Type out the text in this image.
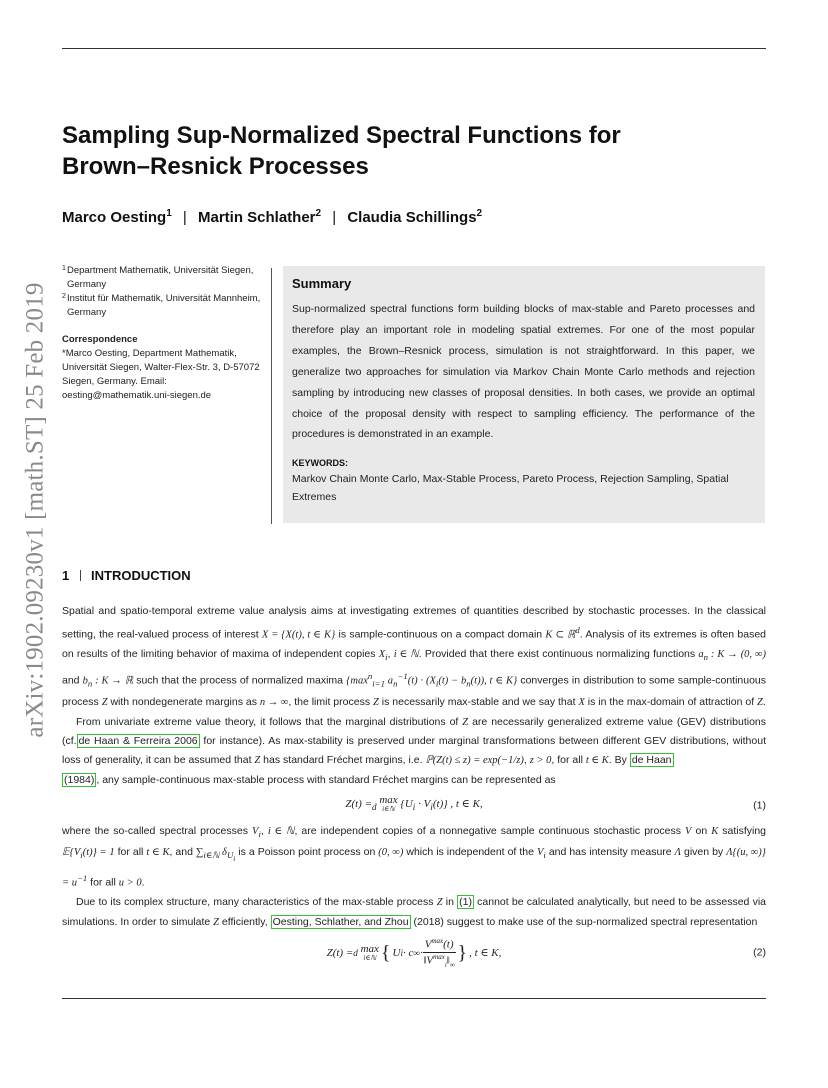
arXiv:1902.09230v1 [math.ST] 25 Feb 2019
Sampling Sup-Normalized Spectral Functions for Brown–Resnick Processes
Marco Oesting$^1$ | Martin Schlather$^2$ | Claudia Schillings$^2$
1 Department Mathematik, Universität Siegen, Germany
2 Institut für Mathematik, Universität Mannheim, Germany
Correspondence
*Marco Oesting, Department Mathematik, Universität Siegen, Walter-Flex-Str. 3, D-57072 Siegen, Germany. Email: oesting@mathematik.uni-siegen.de
Summary

Sup-normalized spectral functions form building blocks of max-stable and Pareto processes and therefore play an important role in modeling spatial extremes. For one of the most popular examples, the Brown–Resnick process, simulation is not straightforward. In this paper, we generalize two approaches for simulation via Markov Chain Monte Carlo methods and rejection sampling by introducing new classes of proposal densities. In both cases, we provide an optimal choice of the proposal density with respect to sampling efficiency. The performance of the procedures is demonstrated in an example.

KEYWORDS:

Markov Chain Monte Carlo, Max-Stable Process, Pareto Process, Rejection Sampling, Spatial Extremes

1 INTRODUCTION

Spatial and spatio-temporal extreme value analysis aims at investigating extremes of quantities described by stochastic processes. In the classical setting, the real-valued process of interest X = {X(t), t ∈ K} is sample-continuous on a compact domain K ⊂ ℝ$^d$. Analysis of its extremes is often based on results of the limiting behavior of maxima of independent copies $X_i$, i ∈ ℕ. Provided that there exist continuous normalizing functions $a_n$ : K → (0, ∞) and $b_n$ : K → ℝ such that the process of normalized maxima {$\max^n_{i=1}$ $a_n^{-1}(t) \cdot (X_i(t) - b_n(t))$, t ∈ K} converges in distribution to some sample-continuous process Z with nondegenerate margins as n → ∞, the limit process Z is necessarily max-stable and we say that X is in the max-domain of attraction of Z.

From univariate extreme value theory, it follows that the marginal distributions of Z are necessarily generalized extreme value (GEV) distributions (cf. de Haan & Ferreira 2006 for instance). As max-stability is preserved under marginal transformations between different GEV distributions, without loss of generality, it can be assumed that Z has standard Fréchet margins, i.e. ℙ(Z(t) ≤ z) = exp(−1/z), z > 0, for all t ∈ K. By de Haan
(1984) , any sample-continuous max-stable process with standard Fréchet margins can be represented as

$Z(t) =_d$
max
i∈ℕ $\{U_i \cdot V_i(t)\}$ , t ∈ K,	(1)

where the so-called spectral processes $V_i$, i ∈ ℕ, are independent copies of a nonnegative sample continuous stochastic process V on K satisfying $𝔼\{V_i(t)\} = 1$ for all t ∈ K, and $\sum_{i\in ℕ}$ $\delta_{U_i}$ is a Poisson point process on (0, ∞) which is independent of the $V_i$ and has intensity measure Λ given by Λ{(u, ∞)} = $u^{-1}$ for all u > 0.

Due to its complex structure, many characteristics of the max-stable process Z in (1) cannot be calculated analytically, but need to be assessed via simulations. In order to simulate Z efficiently, Oesting, Schlather, and Zhou (2018) suggest to make use of the sup-normalized spectral representation

Z(t) = d
max
i∈ℕ { U i · c ∞ ·
$V^{max}(t)$
$‖V^{max}_i‖_\infty$
} , t ∈ K,	(2)
